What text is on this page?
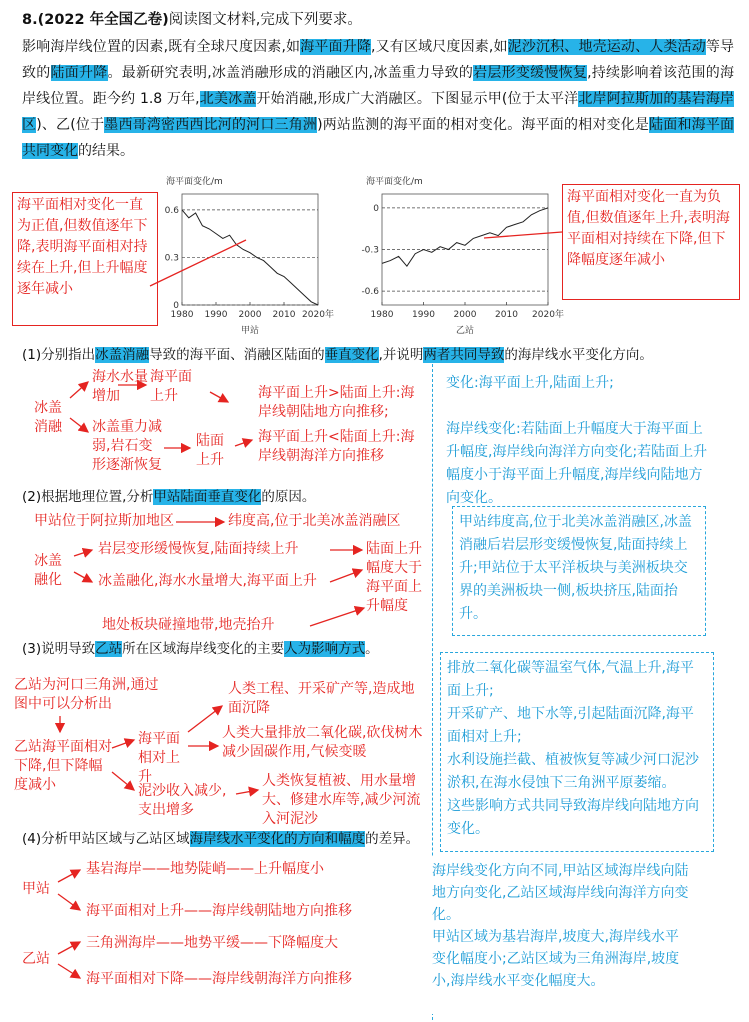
8.(2022 年全国乙卷)阅读图文材料,完成下列要求。
影响海岸线位置的因素,既有全球尺度因素,如海平面升降,又有区域尺度因素,如泥沙沉积、地壳运动、人类活动等导致的陆面升降。最新研究表明,冰盖消融形成的消融区内,冰盖重力导致的岩层形变缓慢恢复,持续影响着该范围的海岸线位置。距今约 1.8 万年,北美冰盖开始消融,形成广大消融区。下图显示甲(位于太平洋北岸阿拉斯加的基岩海岸区)、乙(位于墨西哥湾密西西比河的河口三角洲)两站监测的海平面的相对变化。海平面的相对变化是陆面和海平面共同变化的结果。
海平面变化/m
0.6
0.3
0
1980 1990 2000 2010 2020年
甲站
海平面变化/m
0
-0.3
-0.6
1980 1990 2000 2010 2020年
乙站
海平面相对变化一直为正值,但数值逐年下降,表明海平面相对持续在上升,但上升幅度逐年减小
海平面相对变化一直为负值,但数值逐年上升,表明海平面相对持续在下降,但下降幅度逐年减小
(1)分别指出冰盖消融导致的海平面、消融区陆面的垂直变化,并说明两者共同导致的海岸线水平变化方向。
冰盖消融
海水水量增加
海平面上升
冰盖重力减弱,岩石变形逐渐恢复
陆面上升
海平面上升>陆面上升:海岸线朝陆地方向推移;
海平面上升<陆面上升:海岸线朝海洋方向推移
变化:海平面上升,陆面上升;

海岸线变化:若陆面上升幅度大于海平面上升幅度,海岸线向海洋方向变化;若陆面上升幅度小于海平面上升幅度,海岸线向陆地方向变化。
(2)根据地理位置,分析甲站陆面垂直变化的原因。
甲站位于阿拉斯加地区	纬度高,位于北美冰盖消融区
冰盖融化
岩层变形缓慢恢复,陆面持续上升
冰盖融化,海水水量增大,海平面上升
陆面上升幅度大于海平面上升幅度
地处板块碰撞地带,地壳抬升
甲站纬度高,位于北美冰盖消融区,冰盖消融后岩层形变缓慢恢复,陆面持续上升;甲站位于太平洋板块与美洲板块交界的美洲板块一侧,板块挤压,陆面抬升。
(3)说明导致乙站所在区域海岸线变化的主要人为影响方式。
乙站为河口三角洲,通过图中可以分析出
乙站海平面相对下降,但下降幅度减小
海平面相对上升
人类工程、开采矿产等,造成地面沉降
人类大量排放二氧化碳,砍伐树木减少固碳作用,气候变暖
泥沙收入减少,支出增多
人类恢复植被、用水量增大、修建水库等,减少河流入河泥沙
排放二氧化碳等温室气体,气温上升,海平面上升;
开采矿产、地下水等,引起陆面沉降,海平面相对上升;
水利设施拦截、植被恢复等减少河口泥沙淤积,在海水侵蚀下三角洲平原萎缩。
这些影响方式共同导致海岸线向陆地方向变化。
(4)分析甲站区域与乙站区域海岸线水平变化的方向和幅度的差异。
甲站
基岩海岸——地势陡峭——上升幅度小
海平面相对上升——海岸线朝陆地方向推移
乙站
三角洲海岸——地势平缓——下降幅度大
海平面相对下降——海岸线朝海洋方向推移
海岸线变化方向不同,甲站区域海岸线向陆地方向变化,乙站区域海岸线向海洋方向变化。
甲站区域为基岩海岸,坡度大,海岸线水平变化幅度小;乙站区域为三角洲海岸,坡度小,海岸线水平变化幅度大。
